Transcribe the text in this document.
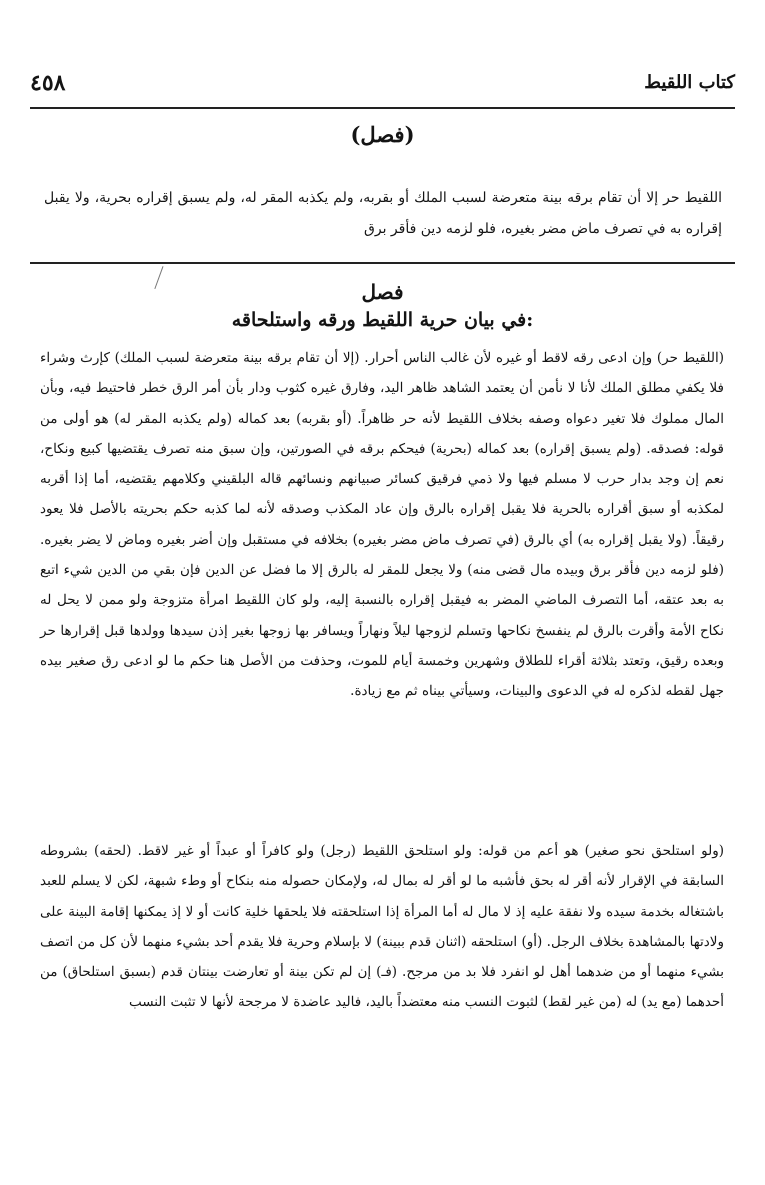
٤٥٨	كتاب اللقيط
(فصل)
اللقيط حر إلا أن تقام برقه بينة متعرضة لسبب الملك أو بقربه، ولم يكذبه المقر له، ولم يسبق إقراره بحرية، ولا يقبل إقراره به في تصرف ماض مضر بغيره، فلو لزمه دين فأقر برق
فصل
في بيان حرية اللقيط ورقه واستلحاقه:

(اللقيط حر) وإن ادعى رقه لاقط أو غيره لأن غالب الناس أحرار. (إلا أن تقام برقه بينة متعرضة لسبب الملك) كإرث وشراء فلا يكفي مطلق الملك لأنا لا نأمن أن يعتمد الشاهد ظاهر اليد، وفارق غيره كثوب ودار بأن أمر الرق خطر فاحتيط فيه، وبأن المال مملوك فلا تغير دعواه وصفه بخلاف اللقيط لأنه حر ظاهراً. (أو بقربه) بعد كماله (ولم يكذبه المقر له) هو أولى من قوله: فصدقه. (ولم يسبق إقراره) بعد كماله (بحرية) فيحكم برقه في الصورتين، وإن سبق منه تصرف يقتضيها كبيع ونكاح، نعم إن وجد بدار حرب لا مسلم فيها ولا ذمي فرقيق كسائر صبيانهم ونسائهم قاله البلقيني وكلامهم يقتضيه، أما إذا أقربه لمكذبه أو سبق أقراره بالحرية فلا يقبل إقراره بالرق وإن عاد المكذب وصدقه لأنه لما كذبه حكم بحريته بالأصل فلا يعود رقيقاً. (ولا يقبل إقراره به) أي بالرق (في تصرف ماض مضر بغيره) بخلافه في مستقبل وإن أضر بغيره وماض لا يضر بغيره. (فلو لزمه دين فأقر برق وبيده مال قضى منه) ولا يجعل للمقر له بالرق إلا ما فضل عن الدين فإن بقي من الدين شيء اتبع به بعد عتقه، أما التصرف الماضي المضر به فيقبل إقراره بالنسبة إليه، ولو كان اللقيط امرأة متزوجة ولو ممن لا يحل له نكاح الأمة وأقرت بالرق لم ينفسخ نكاحها وتسلم لزوجها ليلاً ونهاراً ويسافر بها زوجها بغير إذن سيدها وولدها قبل إقرارها حر وبعده رقيق، وتعتد بثلاثة أقراء للطلاق وشهرين وخمسة أيام للموت، وحذفت من الأصل هنا حكم ما لو ادعى رق صغير بيده جهل لقطه لذكره له في الدعوى والبينات، وسيأتي بيناه ثم مع زيادة.

(ولو استلحق نحو صغير) هو أعم من قوله: ولو استلحق اللقيط (رجل) ولو كافراً أو عبداً أو غير لاقط. (لحقه) بشروطه السابقة في الإقرار لأنه أقر له بحق فأشبه ما لو أقر له بمال له، ولإمكان حصوله منه بنكاح أو وطء شبهة، لكن لا يسلم للعبد باشتغاله بخدمة سيده ولا نفقة عليه إذ لا مال له أما المرأة إذا استلحقته فلا يلحقها خلية كانت أو لا إذ يمكنها إقامة البينة على ولادتها بالمشاهدة بخلاف الرجل. (أو) استلحقه (اثنان قدم ببينة) لا بإسلام وحرية فلا يقدم أحد بشيء منهما لأن كل من اتصف بشيء منهما أو من ضدهما أهل لو انفرد فلا بد من مرجح. (فـ) إن لم تكن بينة أو تعارضت بينتان قدم (بسبق استلحاق) من أحدهما (مع يد) له (من غير لقط) لثبوت النسب منه معتضداً باليد، فاليد عاضدة لا مرجحة لأنها لا تثبت النسب
